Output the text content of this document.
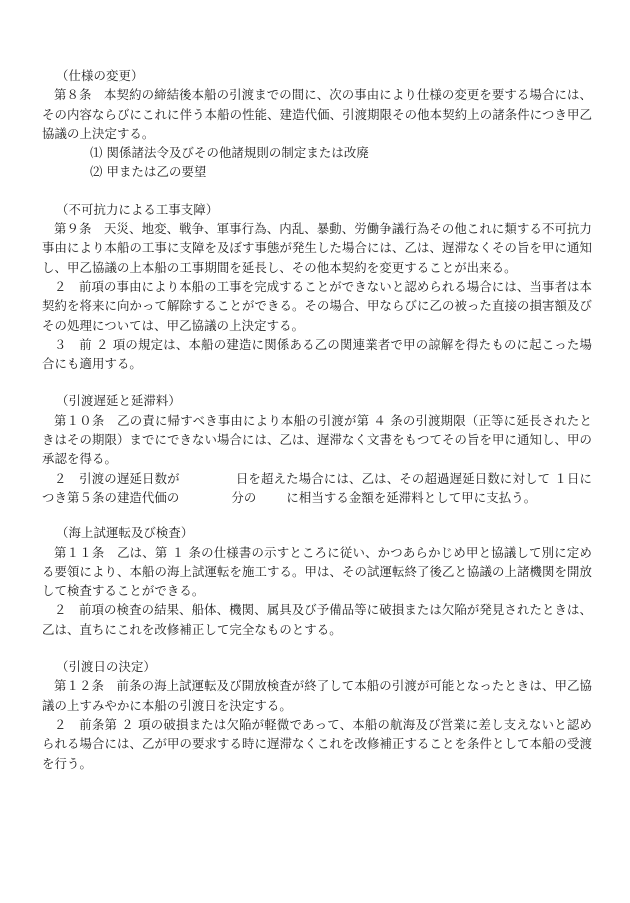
（仕様の変更）

第８条　本契約の締結後本船の引渡までの間に、次の事由により仕様の変更を要する場合には、その内容ならびにこれに伴う本船の性能、建造代価、引渡期限その他本契約上の諸条件につき甲乙協議の上決定する。

⑴ 関係諸法令及びその他諸規則の制定または改廃

⑵ 甲または乙の要望

（不可抗力による工事支障）

第９条　天災、地変、戦争、軍事行為、内乱、暴動、労働争議行為その他これに類する不可抗力事由により本船の工事に支障を及ぼす事態が発生した場合には、乙は、遅滞なくその旨を甲に通知し、甲乙協議の上本船の工事期間を延長し、その他本契約を変更することが出来る。

２　前項の事由により本船の工事を完成することができないと認められる場合には、当事者は本契約を将来に向かって解除することができる。その場合、甲ならびに乙の被った直接の損害額及びその処理については、甲乙協議の上決定する。

３　前 ２ 項の規定は、本船の建造に関係ある乙の関連業者で甲の諒解を得たものに起こった場合にも適用する。

（引渡遅延と延滞料）

第１０条　乙の責に帰すべき事由により本船の引渡が第 ４ 条の引渡期限（正等に延長されたときはその期限）までにできない場合には、乙は、遅滞なく文書をもつてその旨を甲に通知し、甲の承認を得る。

２　引渡の遅延日数が	日を超えた場合には、乙は、その超過遅延日数に対して １日につき第５条の建造代価の	分の に相当する金額を延滞料として甲に支払う。

（海上試運転及び検査）

第１１条　乙は、第 １ 条の仕様書の示すところに従い、かつあらかじめ甲と協議して別に定める要領により、本船の海上試運転を施工する。甲は、その試運転終了後乙と協議の上諸機関を開放して検査することができる。

２　前項の検査の結果、船体、機関、属具及び予備品等に破損または欠陥が発見されたときは、乙は、直ちにこれを改修補正して完全なものとする。

（引渡日の決定）

第１２条　前条の海上試運転及び開放検査が終了して本船の引渡が可能となったときは、甲乙協議の上すみやかに本船の引渡日を決定する。

２　前条第 ２ 項の破損または欠陥が軽微であって、本船の航海及び営業に差し支えないと認められる場合には、乙が甲の要求する時に遅滞なくこれを改修補正することを条件として本船の受渡を行う。
